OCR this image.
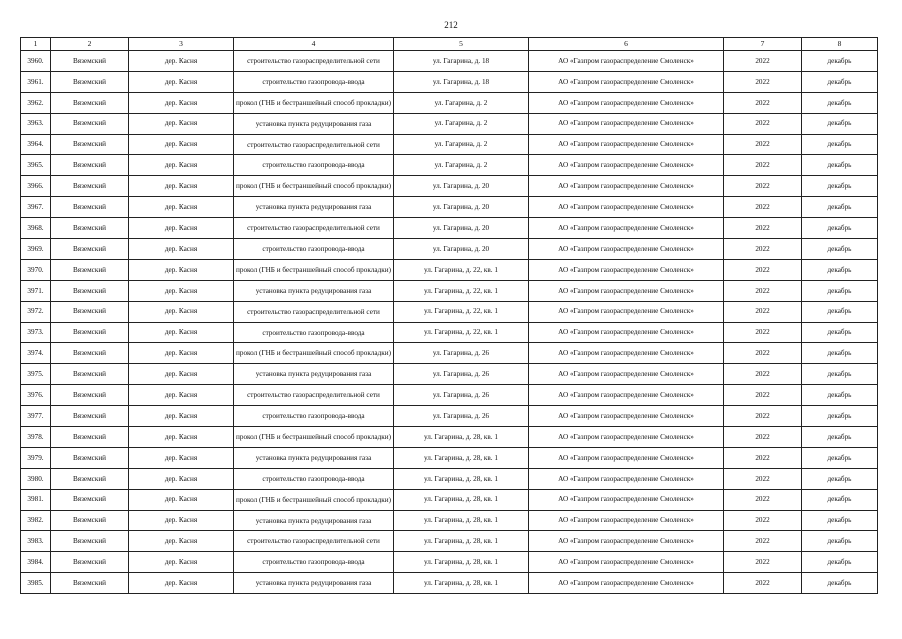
212
1	2	3	4	5	6	7	8
3960.	Вяземский	дер. Касня	строительство газораспределительной сети	ул. Гагарина, д. 18	АО «Газпром газораспределение Смоленск»	2022	декабрь
3961.	Вяземский	дер. Касня	строительство газопровода-ввода	ул. Гагарина, д. 18	АО «Газпром газораспределение Смоленск»	2022	декабрь
3962.	Вяземский	дер. Касня	прокол (ГНБ и бестраншейный способ прокладки)	ул. Гагарина, д. 2	АО «Газпром газораспределение Смоленск»	2022	декабрь
3963.	Вяземский	дер. Касня	установка пункта редуцирования газа	ул. Гагарина, д. 2	АО «Газпром газораспределение Смоленск»	2022	декабрь
3964.	Вяземский	дер. Касня	строительство газораспределительной сети	ул. Гагарина, д. 2	АО «Газпром газораспределение Смоленск»	2022	декабрь
3965.	Вяземский	дер. Касня	строительство газопровода-ввода	ул. Гагарина, д. 2	АО «Газпром газораспределение Смоленск»	2022	декабрь
3966.	Вяземский	дер. Касня	прокол (ГНБ и бестраншейный способ прокладки)	ул. Гагарина, д. 20	АО «Газпром газораспределение Смоленск»	2022	декабрь
3967.	Вяземский	дер. Касня	установка пункта редуцирования газа	ул. Гагарина, д. 20	АО «Газпром газораспределение Смоленск»	2022	декабрь
3968.	Вяземский	дер. Касня	строительство газораспределительной сети	ул. Гагарина, д. 20	АО «Газпром газораспределение Смоленск»	2022	декабрь
3969.	Вяземский	дер. Касня	строительство газопровода-ввода	ул. Гагарина, д. 20	АО «Газпром газораспределение Смоленск»	2022	декабрь
3970.	Вяземский	дер. Касня	прокол (ГНБ и бестраншейный способ прокладки)	ул. Гагарина, д. 22, кв. 1	АО «Газпром газораспределение Смоленск»	2022	декабрь
3971.	Вяземский	дер. Касня	установка пункта редуцирования газа	ул. Гагарина, д. 22, кв. 1	АО «Газпром газораспределение Смоленск»	2022	декабрь
3972.	Вяземский	дер. Касня	строительство газораспределительной сети	ул. Гагарина, д. 22, кв. 1	АО «Газпром газораспределение Смоленск»	2022	декабрь
3973.	Вяземский	дер. Касня	строительство газопровода-ввода	ул. Гагарина, д. 22, кв. 1	АО «Газпром газораспределение Смоленск»	2022	декабрь
3974.	Вяземский	дер. Касня	прокол (ГНБ и бестраншейный способ прокладки)	ул. Гагарина, д. 26	АО «Газпром газораспределение Смоленск»	2022	декабрь
3975.	Вяземский	дер. Касня	установка пункта редуцирования газа	ул. Гагарина, д. 26	АО «Газпром газораспределение Смоленск»	2022	декабрь
3976.	Вяземский	дер. Касня	строительство газораспределительной сети	ул. Гагарина, д. 26	АО «Газпром газораспределение Смоленск»	2022	декабрь
3977.	Вяземский	дер. Касня	строительство газопровода-ввода	ул. Гагарина, д. 26	АО «Газпром газораспределение Смоленск»	2022	декабрь
3978.	Вяземский	дер. Касня	прокол (ГНБ и бестраншейный способ прокладки)	ул. Гагарина, д. 28, кв. 1	АО «Газпром газораспределение Смоленск»	2022	декабрь
3979.	Вяземский	дер. Касня	установка пункта редуцирования газа	ул. Гагарина, д. 28, кв. 1	АО «Газпром газораспределение Смоленск»	2022	декабрь
3980.	Вяземский	дер. Касня	строительство газопровода-ввода	ул. Гагарина, д. 28, кв. 1	АО «Газпром газораспределение Смоленск»	2022	декабрь
3981.	Вяземский	дер. Касня	прокол (ГНБ и бестраншейный способ прокладки)	ул. Гагарина, д. 28, кв. 1	АО «Газпром газораспределение Смоленск»	2022	декабрь
3982.	Вяземский	дер. Касня	установка пункта редуцирования газа	ул. Гагарина, д. 28, кв. 1	АО «Газпром газораспределение Смоленск»	2022	декабрь
3983.	Вяземский	дер. Касня	строительство газораспределительной сети	ул. Гагарина, д. 28, кв. 1	АО «Газпром газораспределение Смоленск»	2022	декабрь
3984.	Вяземский	дер. Касня	строительство газопровода-ввода	ул. Гагарина, д. 28, кв. 1	АО «Газпром газораспределение Смоленск»	2022	декабрь
3985.	Вяземский	дер. Касня	установка пункта редуцирования газа	ул. Гагарина, д. 28, кв. 1	АО «Газпром газораспределение Смоленск»	2022	декабрь
